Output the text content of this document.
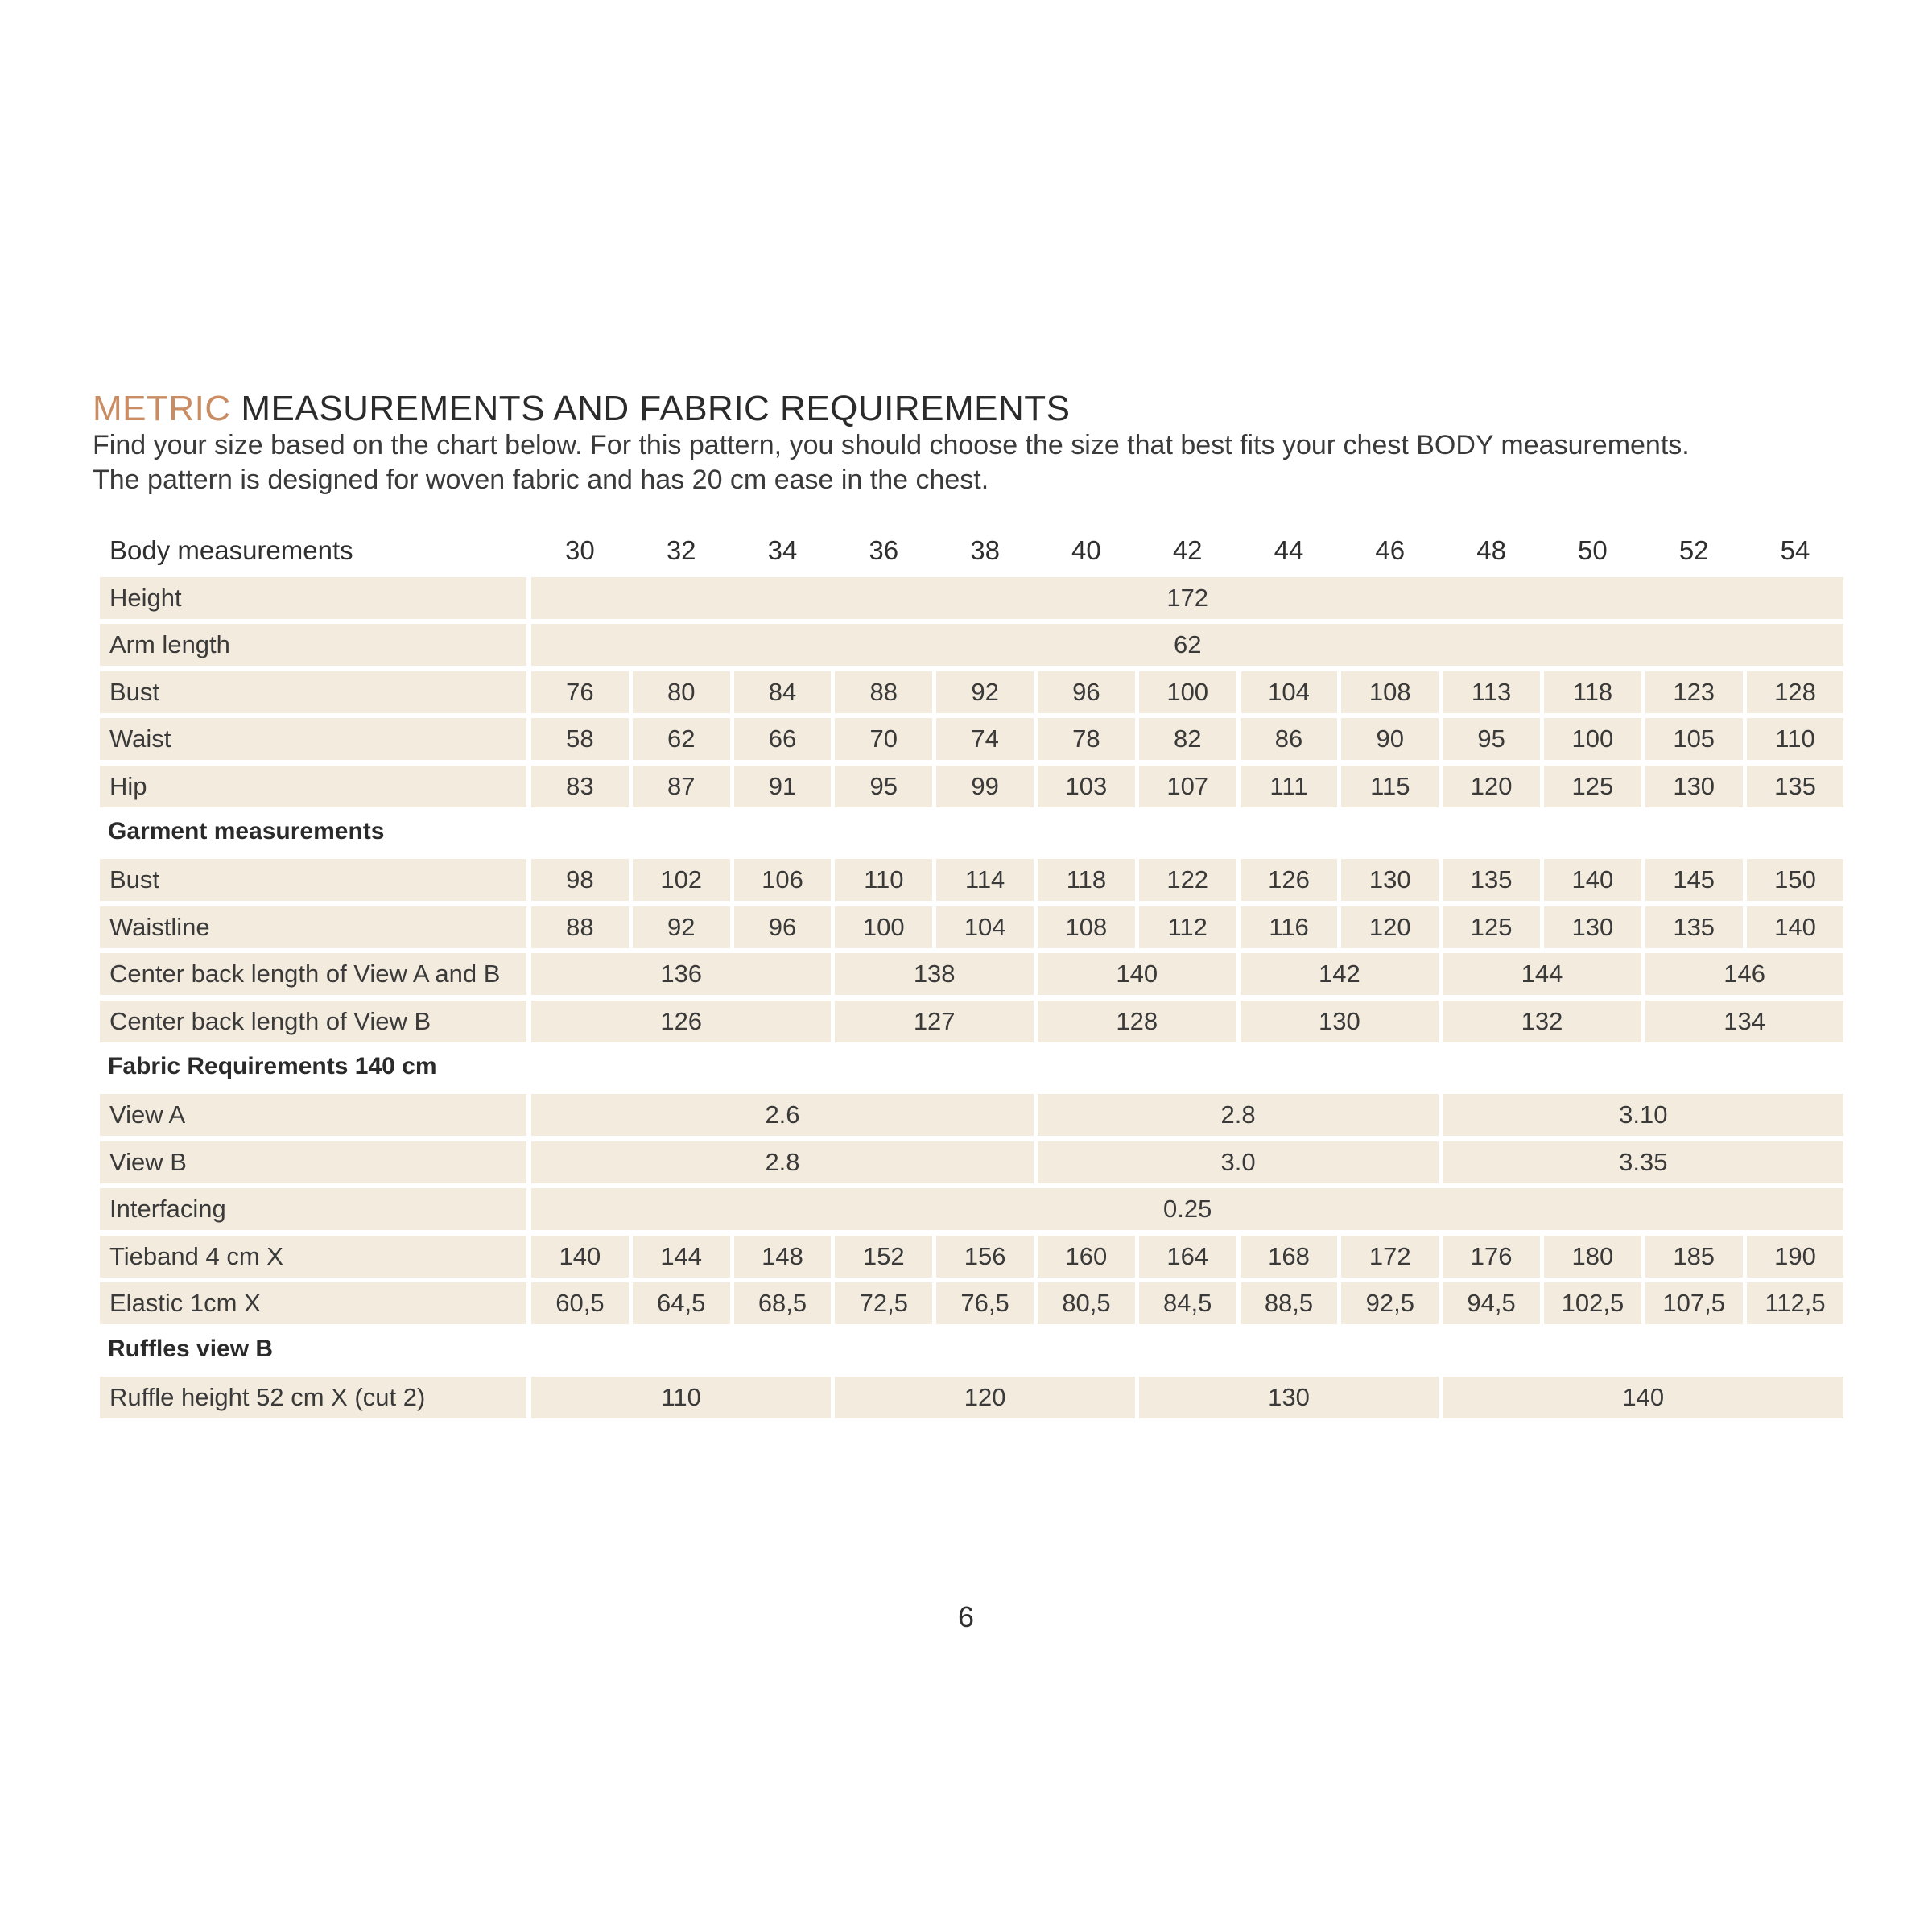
METRIC MEASUREMENTS AND FABRIC REQUIREMENTS
Find your size based on the chart below. For this pattern, you should choose the size that best fits your chest BODY measurements.
The pattern is designed for woven fabric and has 20 cm ease in the chest.
Body measurements	30	32	34	36	38	40	42	44	46	48	50	52	54
Height	172
Arm length	62
Bust	76	80	84	88	92	96	100	104	108	113	118	123	128
Waist	58	62	66	70	74	78	82	86	90	95	100	105	110
Hip	83	87	91	95	99	103	107	111	115	120	125	130	135
Garment measurements
Bust	98	102	106	110	114	118	122	126	130	135	140	145	150
Waistline	88	92	96	100	104	108	112	116	120	125	130	135	140
Center back length of View A and B	136	138	140	142	144	146
Center back length of View B	126	127	128	130	132	134
Fabric Requirements 140 cm
View A	2.6	2.8	3.10
View B	2.8	3.0	3.35
Interfacing	0.25
Tieband 4 cm X	140	144	148	152	156	160	164	168	172	176	180	185	190
Elastic 1cm X	60,5	64,5	68,5	72,5	76,5	80,5	84,5	88,5	92,5	94,5	102,5	107,5	112,5
Ruffles view B
Ruffle height 52 cm X (cut 2)	110	120	130	140
6
